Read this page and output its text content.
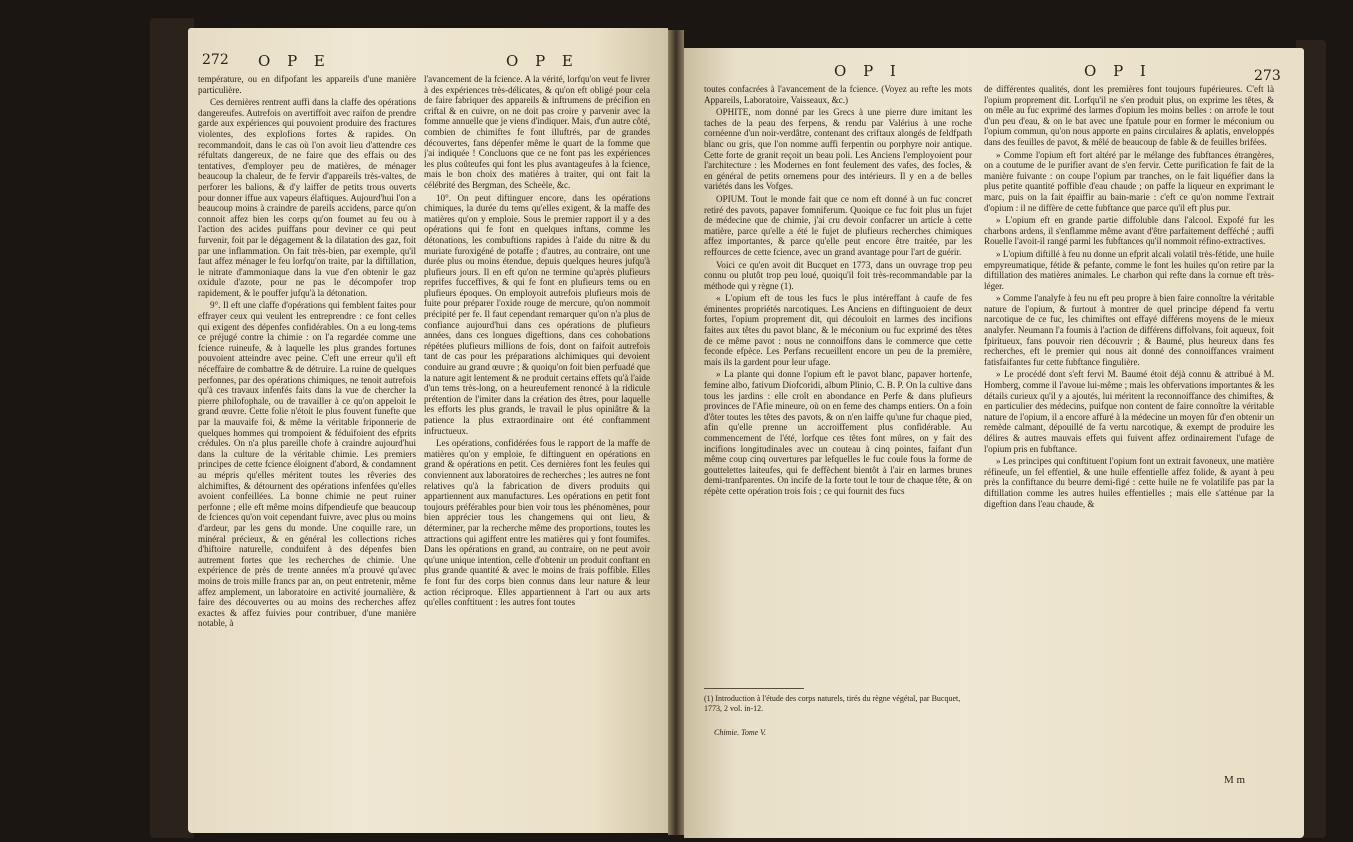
272 O P E	O P E

température, ou en difpofant les appareils d'une manière particulière.

Ces dernières rentrent auffi dans la claffe des opérations dangereufes. Autrefois on avertiffoit avec raifon de prendre garde aux expériences qui pouvoient produire des fractures violentes, des explofions fortes & rapides. On recommandoit, dans le cas où l'on avoit lieu d'attendre ces réfultats dangereux, de ne faire que des effais ou des tentatives, d'employer peu de matières, de ménager beaucoup la chaleur, de fe fervir d'appareils très-valtes, de perforer les balions, & d'y laiffer de petits trous ouverts pour donner iffue aux vapeurs élaftiques. Aujourd'hui l'on a beaucoup moins à craindre de pareils accidens, parce qu'on connoit affez bien les corps qu'on foumet au feu ou à l'action des acides puiffans pour deviner ce qui peut furvenir, foit par le dégagement & la dilatation des gaz, foit par une inflammation. On fait très-bien, par exemple, qu'il faut affez ménager le feu lorfqu'on traite, par la diftillation, le nitrate d'ammoniaque dans la vue d'en obtenir le gaz oxidule d'azote, pour ne pas le décompofer trop rapidement, & le pouffer jufqu'à la détonation.

9°. Il eft une claffe d'opérations qui femblent faites pour effrayer ceux qui veulent les entreprendre : ce font celles qui exigent des dépenfes confidérables. On a eu long-tems ce préjugé contre la chimie : on l'a regardée comme une fcience ruineufe, & à laquelle les plus grandes fortunes pouvoient atteindre avec peine. C'eft une erreur qu'il eft néceffaire de combattre & de détruire. La ruine de quelques perfonnes, par des opérations chimiques, ne tenoit autrefois qu'à ces travaux infenfés faits dans la vue de chercher la pierre philofophale, ou de travailler à ce qu'on appeloit le grand œuvre. Cette folie n'étoit le plus fouvent funefte que par la mauvaife foi, & même la véritable friponnerie de quelques hommes qui trompoient & féduifoient des efprits crédules. On n'a plus pareille chofe à craindre aujourd'hui dans la culture de la véritable chimie. Les premiers principes de cette fcience éloignent d'abord, & condamnent au mépris qu'elles méritent toutes les rêveries des alchimiftes, & détournent des opérations infenfées qu'elles avoient confeillées. La bonne chimie ne peut ruiner perfonne ; elle eft même moins difpendieufe que beaucoup de fciences qu'on voit cependant fuivre, avec plus ou moins d'ardeur, par les gens du monde. Une coquille rare, un minéral précieux, & en général les collections riches d'hiftoire naturelle, conduifent à des dépenfes bien autrement fortes que les recherches de chimie. Une expérience de près de trente années m'a prouvé qu'avec moins de trois mille francs par an, on peut entretenir, même affez amplement, un laboratoire en activité journalière, & faire des découvertes ou au moins des recherches affez exactes & affez fuivies pour contribuer, d'une manière notable, à

l'avancement de la fcience. A la vérité, lorfqu'on veut fe livrer à des expériences très-délicates, & qu'on eft obligé pour cela de faire fabriquer des appareils & inftrumens de précifion en criftal & en cuivre, on ne doit pas croire y parvenir avec la fomme annuelle que je viens d'indiquer. Mais, d'un autre côté, combien de chimiftes fe font illuftrés, par de grandes découvertes, fans dépenfer même le quart de la fomme que j'ai indiquée ! Concluons que ce ne font pas les expériences les plus coûteufes qui font les plus avantageufes à la fcience, mais le bon choix des matières à traiter, qui ont fait la célébrité des Bergman, des Scheèle, &c.

10°. On peut diftinguer encore, dans les opérations chimiques, la durée du tems qu'elles exigent, & la maffe des matières qu'on y emploie. Sous le premier rapport il y a des opérations qui fe font en quelques inftans, comme les détonations, les combuftions rapides à l'aide du nitre & du muriate furoxigéné de potaffe ; d'autres, au contraire, ont une durée plus ou moins étendue, depuis quelques heures jufqu'à plufieurs jours. Il en eft qu'on ne termine qu'après plufieurs reprifes fucceffives, & qui fe font en plufieurs tems ou en plufieurs époques. On employoit autrefois plufieurs mois de fuite pour préparer l'oxide rouge de mercure, qu'on nommoit précipité per fe. Il faut cependant remarquer qu'on n'a plus de confiance aujourd'hui dans ces opérations de plufieurs années, dans ces longues digeftions, dans ces cohobations répétées plufieurs millions de fois, dont on faifoit autrefois tant de cas pour les préparations alchimiques qui devoient conduire au grand œuvre ; & quoiqu'on foit bien perfuadé que la nature agit lentement & ne produit certains effets qu'à l'aide d'un tems très-long, on a heureufement renoncé à la ridicule prétention de l'imiter dans la création des êtres, pour laquelle les efforts les plus grands, le travail le plus opiniâtre & la patience la plus extraordinaire ont été conftamment infructueux.

Les opérations, confidérées fous le rapport de la maffe de matières qu'on y emploie, fe diftinguent en opérations en grand & opérations en petit. Ces dernières font les feules qui conviennent aux laboratoires de recherches ; les autres ne font relatives qu'à la fabrication de divers produits qui appartiennent aux manufactures. Les opérations en petit font toujours préférables pour bien voir tous les phénomènes, pour bien apprécier tous les changemens qui ont lieu, & déterminer, par la recherche même des proportions, toutes les attractions qui agiffent entre les matières qui y font foumifes. Dans les opérations en grand, au contraire, on ne peut avoir qu'une unique intention, celle d'obtenir un produit conftant en plus grande quantité & avec le moins de frais poffible. Elles fe font fur des corps bien connus dans leur nature & leur action réciproque. Elles appartiennent à l'art ou aux arts qu'elles conftituent : les autres font toutes

O P I	O P I	273

toutes confacrées à l'avancement de la fcience. (Voyez au refte les mots Appareils, Laboratoire, Vaisseaux, &c.)

OPHITE, nom donné par les Grecs à une pierre dure imitant les taches de la peau des ferpens, & rendu par Valérius à une roche cornéenne d'un noir-verdâtre, contenant des criftaux alongés de feldfpath blanc ou gris, que l'on nomme auffi ferpentin ou porphyre noir antique. Cette forte de granit reçoit un beau poli. Les Anciens l'employoient pour l'architecture : les Modernes en font feulement des vafes, des focles, & en général de petits ornemens pour des intérieurs. Il y en a de belles variétés dans les Vofges.

OPIUM. Tout le monde fait que ce nom eft donné à un fuc concret retiré des pavots, papaver fomniferum. Quoique ce fuc foit plus un fujet de médecine que de chimie, j'ai cru devoir confacrer un article à cette matière, parce qu'elle a été le fujet de plufieurs recherches chimiques affez importantes, & parce qu'elle peut encore être traitée, par les reffources de cette fcience, avec un grand avantage pour l'art de guérir.

Voici ce qu'en avoit dit Bucquet en 1773, dans un ouvrage trop peu connu ou plutôt trop peu loué, quoiqu'il foit très-recommandable par la méthode qui y règne (1).

« L'opium eft de tous les fucs le plus intéreffant à caufe de fes éminentes propriétés narcotiques. Les Anciens en diftinguoient de deux fortes, l'opium proprement dit, qui découloit en larmes des incifions faites aux têtes du pavot blanc, & le méconium ou fuc exprimé des têtes de ce même pavot : nous ne connoiffons dans le commerce que cette feconde efpèce. Les Perfans recueillent encore un peu de la première, mais ils la gardent pour leur ufage.

» La plante qui donne l'opium eft le pavot blanc, papaver hortenfe, femine albo, fativum Diofcoridi, album Plinio, C. B. P. On la cultive dans tous les jardins : elle croît en abondance en Perfe & dans plufieurs provinces de l'Afie mineure, où on en feme des champs entiers. On a foin d'ôter toutes les têtes des pavots, & on n'en laiffe qu'une fur chaque pied, afin qu'elle prenne un accroiffement plus confidérable. Au commencement de l'été, lorfque ces têtes font mûres, on y fait des incifions longitudinales avec un couteau à cinq pointes, faifant d'un même coup cinq ouvertures par lefquelles le fuc coule fous la forme de gouttelettes laiteufes, qui fe deffèchent bientôt à l'air en larmes brunes demi-tranfparentes. On incife de la forte tout le tour de chaque tête, & on répète cette opération trois fois ; ce qui fournit des fucs

(1) Introduction à l'étude des corps naturels, tirés du règne végétal, par Bucquet, 1773, 2 vol. in-12.
Chimie. Tome V.

de différentes qualités, dont les premières font toujours fupérieures. C'eft là l'opium proprement dit. Lorfqu'il ne s'en produit plus, on exprime les têtes, & on mêle au fuc exprimé des larmes d'opium les moins belles : on arrofe le tout d'un peu d'eau, & on le bat avec une fpatule pour en former le méconium ou l'opium commun, qu'on nous apporte en pains circulaires & aplatis, enveloppés dans des feuilles de pavot, & mêlé de beaucoup de fable & de feuilles brifées.

» Comme l'opium eft fort altéré par le mélange des fubftances étrangères, on a coutume de le purifier avant de s'en fervir. Cette purification fe fait de la manière fuivante : on coupe l'opium par tranches, on le fait liquéfier dans la plus petite quantité poffible d'eau chaude ; on paffe la liqueur en exprimant le marc, puis on la fait épaiffir au bain-marie : c'eft ce qu'on nomme l'extrait d'opium : il ne diffère de cette fubftance que parce qu'il eft plus pur.

» L'opium eft en grande partie diffoluble dans l'alcool. Expofé fur les charbons ardens, il s'enflamme même avant d'être parfaitement defféché ; auffi Rouelle l'avoit-il rangé parmi les fubftances qu'il nommoit réfino-extractives.

» L'opium diftillé à feu nu donne un efprit alcali volatil très-fétide, une huile empyreumatique, fétide & pefante, comme le font les huiles qu'on retire par la diftillation des matières animales. Le charbon qui refte dans la cornue eft très-léger.

» Comme l'analyfe à feu nu eft peu propre à bien faire connoître la véritable nature de l'opium, & furtout à montrer de quel principe dépend fa vertu narcotique de ce fuc, les chimiftes ont effayé différens moyens de le mieux analyfer. Neumann l'a foumis à l'action de différens diffolvans, foit aqueux, foit fpiritueux, fans pouvoir rien découvrir ; & Baumé, plus heureux dans fes recherches, eft le premier qui nous ait donné des connoiffances vraiment fatisfaifantes fur cette fubftance fingulière.

» Le procédé dont s'eft fervi M. Baumé étoit déjà connu & attribué à M. Homberg, comme il l'avoue lui-même ; mais les obfervations importantes & les détails curieux qu'il y a ajoutés, lui méritent la reconnoiffance des chimiftes, & en particulier des médecins, puifque non content de faire connoître la véritable nature de l'opium, il a encore affuré à la médecine un moyen fûr d'en obtenir un remède calmant, dépouillé de fa vertu narcotique, & exempt de produire les délires & autres mauvais effets qui fuivent affez ordinairement l'ufage de l'opium pris en fubftance.

» Les principes qui conftituent l'opium font un extrait favoneux, une matière réfineufe, un fel effentiel, & une huile effentielle affez folide, & ayant à peu près la confiftance du beurre demi-figé : cette huile ne fe volatilife pas par la diftillation comme les autres huiles effentielles ; mais elle s'atténue par la digeftion dans l'eau chaude, &

M m
